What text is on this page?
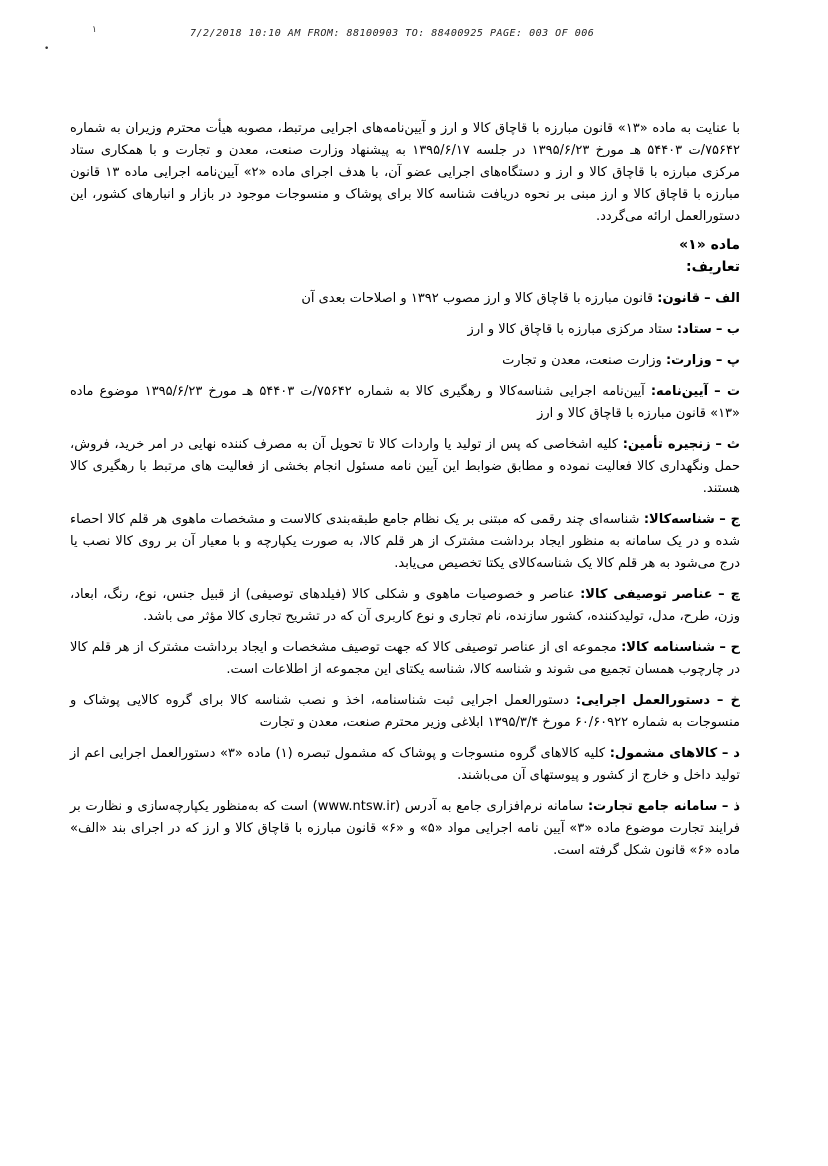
7/2/2018 10:10 AM FROM: 88100903 TO: 88400925 PAGE: 003 OF 006
١
•

با عنایت به ماده «۱۳» قانون مبارزه با قاچاق کالا و ارز و آیین‌نامه‌های اجرایی مرتبط، مصوبه هیأت محترم وزیران به شماره ۷۵۶۴۲/ت ۵۴۴۰۳ هـ مورخ ۱۳۹۵/۶/۲۳ در جلسه ۱۳۹۵/۶/۱۷ به پیشنهاد وزارت صنعت، معدن و تجارت و با همکاری ستاد مرکزی مبارزه با قاچاق کالا و ارز و دستگاه‌های اجرایی عضو آن، با هدف اجرای ماده «۲» آیین‌نامه اجرایی ماده ۱۳ قانون مبارزه با قاچاق کالا و ارز مبنی بر نحوه دریافت شناسه کالا برای پوشاک و منسوجات موجود در بازار و انبارهای کشور، این دستورالعمل ارائه می‌گردد.

ماده «۱»
تعاریف:

الف – قانون: قانون مبارزه با قاچاق کالا و ارز مصوب ۱۳۹۲ و اصلاحات بعدی آن

ب – ستاد: ستاد مرکزی مبارزه با قاچاق کالا و ارز

پ – وزارت: وزارت صنعت، معدن و تجارت

ت – آیین‌نامه: آیین‌نامه اجرایی شناسه‌کالا و رهگیری کالا به شماره ۷۵۶۴۲/ت ۵۴۴۰۳ هـ مورخ ۱۳۹۵/۶/۲۳ موضوع ماده «۱۳» قانون مبارزه با قاچاق کالا و ارز

ث – زنجیره تأمین: کلیه اشخاصی که پس از تولید یا واردات کالا تا تحویل آن به مصرف کننده نهایی در امر خرید، فروش، حمل ونگهداری کالا فعالیت نموده و مطابق ضوابط این آیین نامه مسئول انجام بخشی از فعالیت های مرتبط با رهگیری کالا هستند.

ج – شناسه‌کالا: شناسه‌ای چند رقمی که مبتنی بر یک نظام جامع طبقه‌بندی کالاست و مشخصات ماهوی هر قلم کالا احصاء شده و در یک سامانه به منظور ایجاد برداشت مشترک از هر قلم کالا، به صورت یکپارچه و با معیار آن بر روی کالا نصب یا درج می‌شود به هر قلم کالا یک شناسه‌کالای یکتا تخصیص می‌یابد.

چ – عناصر توصیفی کالا: عناصر و خصوصیات ماهوی و شکلی کالا (فیلدهای توصیفی) از قبیل جنس، نوع، رنگ، ابعاد، وزن، طرح، مدل، تولیدکننده، کشور سازنده، نام تجاری و نوع کاربری آن که در تشریح تجاری کالا مؤثر می باشد.

ح – شناسنامه کالا: مجموعه ای از عناصر توصیفی کالا که جهت توصیف مشخصات و ایجاد برداشت مشترک از هر قلم کالا در چارچوب همسان تجمیع می شوند و شناسه کالا، شناسه یکتای این مجموعه از اطلاعات است.

خ – دستورالعمل اجرایی: دستورالعمل اجرایی ثبت شناسنامه، اخذ و نصب شناسه کالا برای گروه کالایی پوشاک و منسوجات به شماره ۶۰/۶۰۹۲۲ مورخ ۱۳۹۵/۳/۴ ابلاغی وزیر محترم صنعت، معدن و تجارت

د – کالاهای مشمول: کلیه کالاهای گروه منسوجات و پوشاک که مشمول تبصره (۱) ماده «۳» دستورالعمل اجرایی اعم از تولید داخل و خارج از کشور و پیوستهای آن می‌باشند.

ذ – سامانه جامع تجارت: سامانه نرم‌افزاری جامع به آدرس (www.ntsw.ir) است که به‌منظور یکپارچه‌سازی و نظارت بر فرایند تجارت موضوع ماده «۳» آیین نامه اجرایی مواد «۵» و «۶» قانون مبارزه با قاچاق کالا و ارز که در اجرای بند «الف» ماده «۶» قانون شکل گرفته است.
